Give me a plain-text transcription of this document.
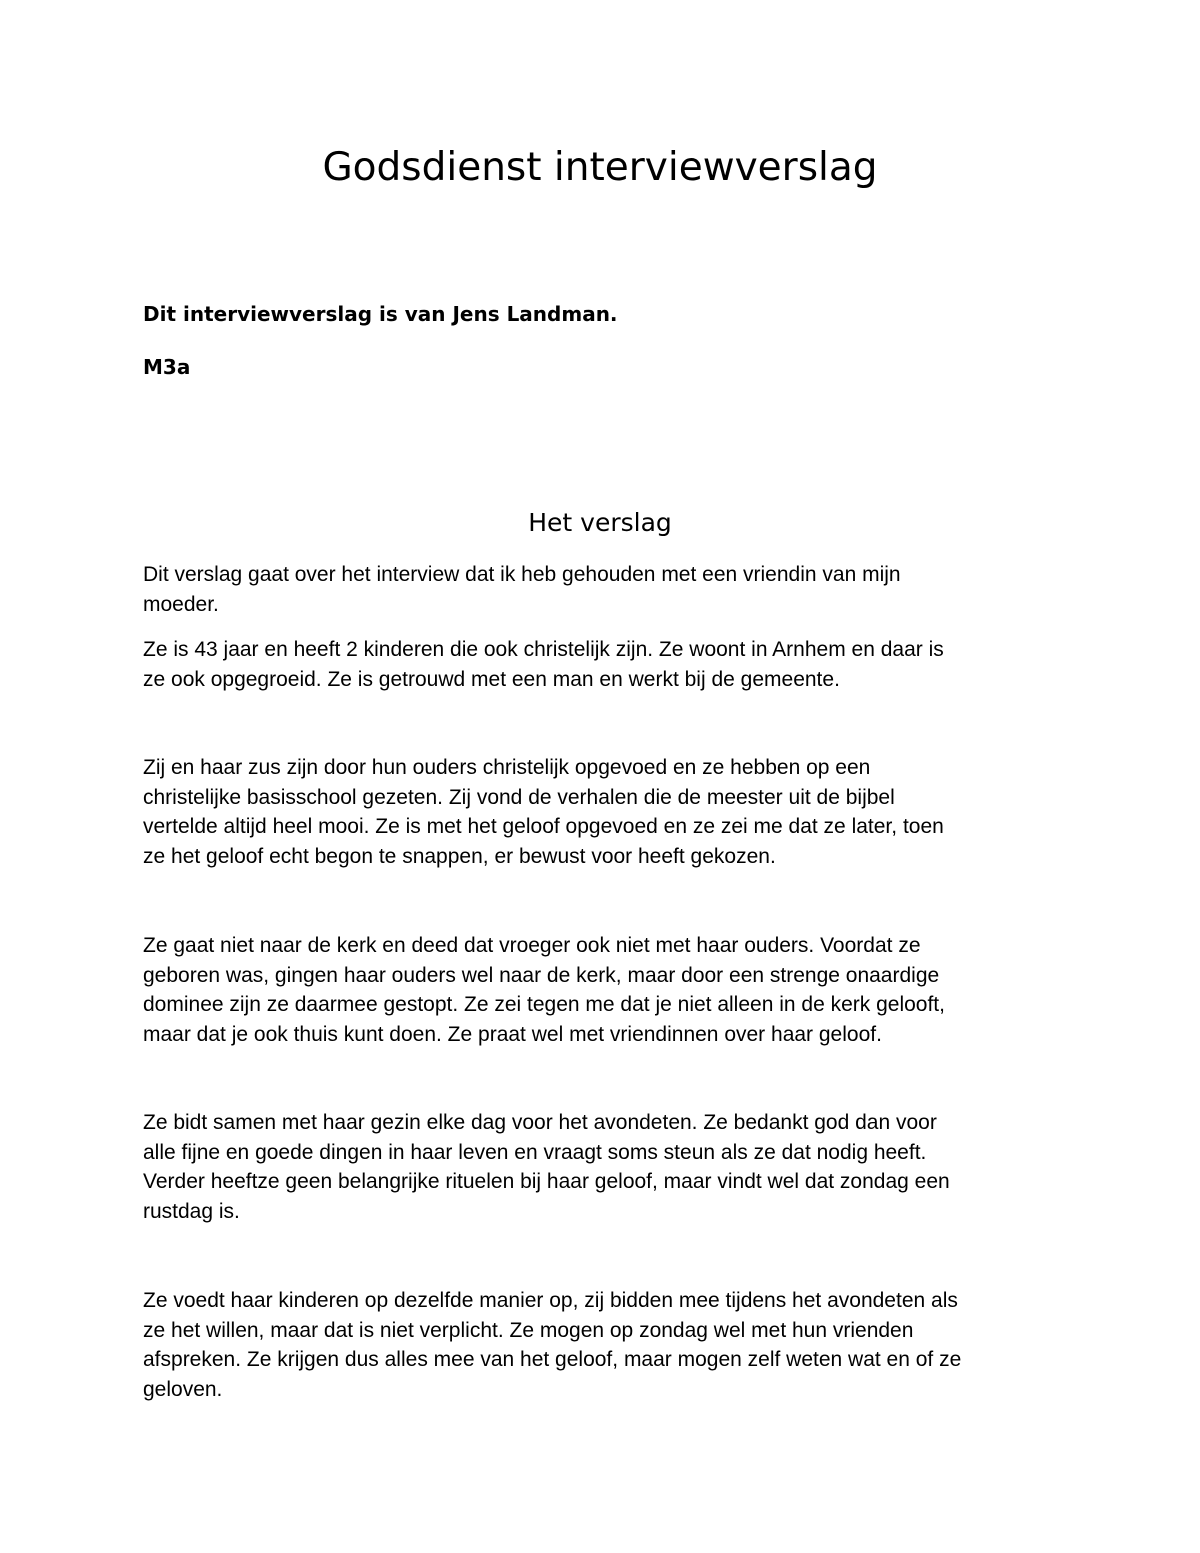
Godsdienst interviewverslag

Dit interviewverslag is van Jens Landman.

M3a

Het verslag

Dit verslag gaat over het interview dat ik heb gehouden met een vriendin van mijn
moeder.

Ze is 43 jaar en heeft 2 kinderen die ook christelijk zijn. Ze woont in Arnhem en daar is
ze ook opgegroeid. Ze is getrouwd met een man en werkt bij de gemeente.

Zij en haar zus zijn door hun ouders christelijk opgevoed en ze hebben op een
christelijke basisschool gezeten. Zij vond de verhalen die de meester uit de bijbel
vertelde altijd heel mooi. Ze is met het geloof opgevoed en ze zei me dat ze later, toen
ze het geloof echt begon te snappen, er bewust voor heeft gekozen.

Ze gaat niet naar de kerk en deed dat vroeger ook niet met haar ouders. Voordat ze
geboren was, gingen haar ouders wel naar de kerk, maar door een strenge onaardige
dominee zijn ze daarmee gestopt. Ze zei tegen me dat je niet alleen in de kerk gelooft,
maar dat je ook thuis kunt doen. Ze praat wel met vriendinnen over haar geloof.

Ze bidt samen met haar gezin elke dag voor het avondeten. Ze bedankt god dan voor
alle fijne en goede dingen in haar leven en vraagt soms steun als ze dat nodig heeft.
Verder heeftze geen belangrijke rituelen bij haar geloof, maar vindt wel dat zondag een
rustdag is.

Ze voedt haar kinderen op dezelfde manier op, zij bidden mee tijdens het avondeten als
ze het willen, maar dat is niet verplicht. Ze mogen op zondag wel met hun vrienden
afspreken. Ze krijgen dus alles mee van het geloof, maar mogen zelf weten wat en of ze
geloven.
